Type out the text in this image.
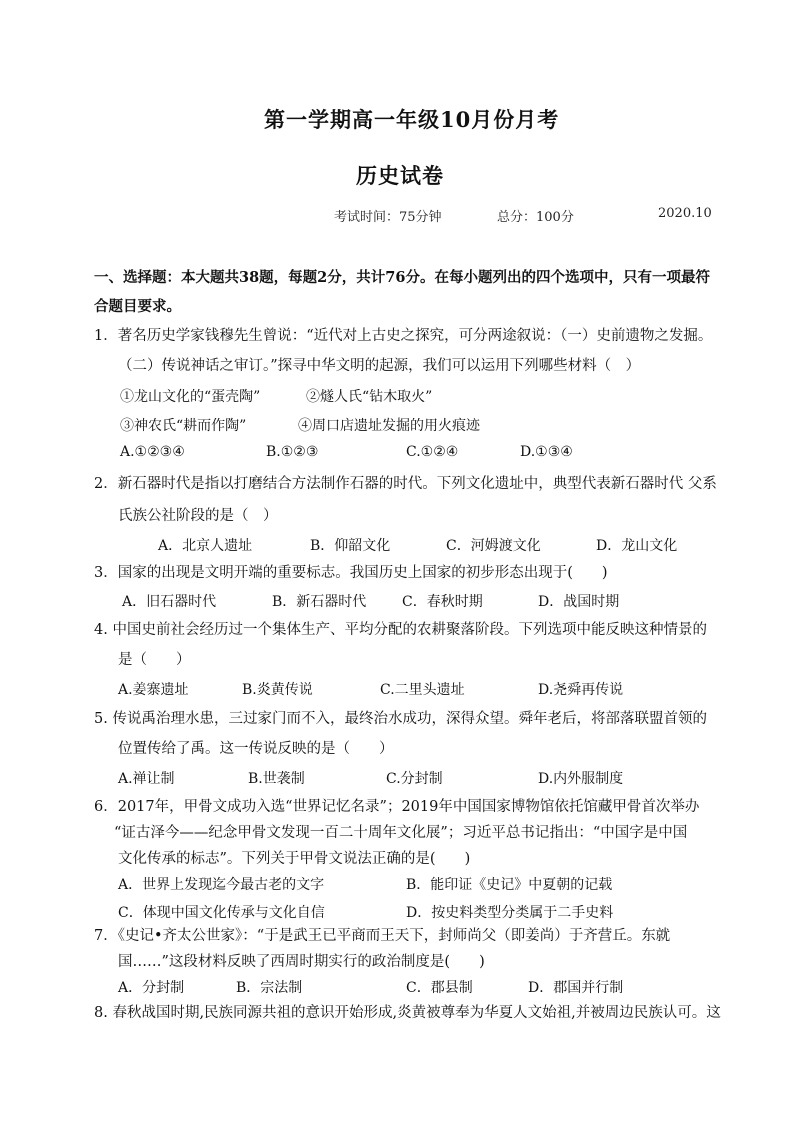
第一学期高一年级10月份月考
历史试卷
考试时间：75分钟	总分：100分	2020.10
一、选择题：本大题共38题，每题2分，共计76分。在每小题列出的四个选项中，只有一项最符
合题目要求。
1．著名历史学家钱穆先生曾说：“近代对上古史之探究，可分两途叙说：（一）史前遗物之发掘。
（二）传说神话之审订。”探寻中华文明的起源，我们可以运用下列哪些材料（　）
①龙山文化的“蛋壳陶”	②燧人氏“钻木取火”
③神农氏“耕而作陶”	④周口店遗址发掘的用火痕迹
A.①②③④	B.①②③	C.①②④	D.①③④
2．新石器时代是指以打磨结合方法制作石器的时代。下列文化遗址中，典型代表新石器时代 父系
氏族公社阶段的是（　）
A．北京人遗址	B．仰韶文化	C．河姆渡文化	D．龙山文化
3．国家的出现是文明开端的重要标志。我国历史上国家的初步形态出现于(　　)
A．旧石器时代	B．新石器时代	C．春秋时期	D．战国时期
4. 中国史前社会经历过一个集体生产、平均分配的农耕聚落阶段。下列选项中能反映这种情景的
是（　　）
A.姜寨遗址	B.炎黄传说	C.二里头遗址	D.尧舜再传说
5. 传说禹治理水患，三过家门而不入，最终治水成功，深得众望。舜年老后，将部落联盟首领的
位置传给了禹。这一传说反映的是（　　）
A.禅让制	B.世袭制	C.分封制	D.内外服制度
6．2017年，甲骨文成功入选“世界记忆名录”；2019年中国国家博物馆依托馆藏甲骨首次举办
“证古泽今——纪念甲骨文发现一百二十周年文化展”；习近平总书记指出：“中国字是中国
文化传承的标志”。下列关于甲骨文说法正确的是(　　)
A．世界上发现迄今最古老的文字	B．能印证《史记》中夏朝的记载
C．体现中国文化传承与文化自信	D．按史料类型分类属于二手史料
7．《史记•齐太公世家》：“于是武王已平商而王天下，封师尚父（即姜尚）于齐营丘。东就
国……”这段材料反映了西周时期实行的政治制度是(　　)
A．分封制	B．宗法制	C．郡县制	D．郡国并行制
8. 春秋战国时期,民族同源共祖的意识开始形成,炎黄被尊奉为华夏人文始祖,并被周边民族认可。这
